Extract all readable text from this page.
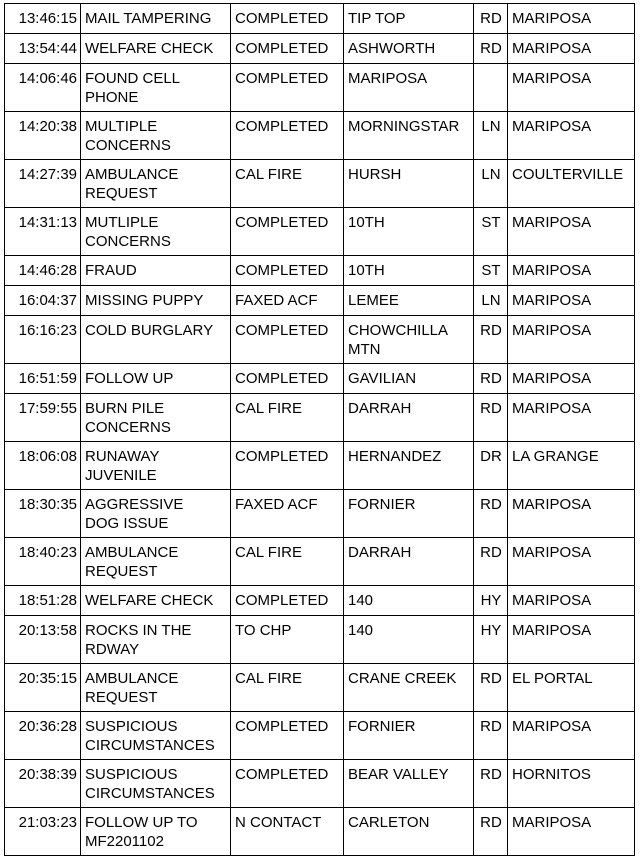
13:46:15	MAIL TAMPERING	COMPLETED	TIP TOP	RD	MARIPOSA
13:54:44	WELFARE CHECK	COMPLETED	ASHWORTH	RD	MARIPOSA
14:06:46	FOUND CELL
PHONE	COMPLETED	MARIPOSA		MARIPOSA
14:20:38	MULTIPLE
CONCERNS	COMPLETED	MORNINGSTAR	LN	MARIPOSA
14:27:39	AMBULANCE
REQUEST	CAL FIRE	HURSH	LN	COULTERVILLE
14:31:13	MUTLIPLE
CONCERNS	COMPLETED	10TH	ST	MARIPOSA
14:46:28	FRAUD	COMPLETED	10TH	ST	MARIPOSA
16:04:37	MISSING PUPPY	FAXED ACF	LEMEE	LN	MARIPOSA
16:16:23	COLD BURGLARY	COMPLETED	CHOWCHILLA
MTN	RD	MARIPOSA
16:51:59	FOLLOW UP	COMPLETED	GAVILIAN	RD	MARIPOSA
17:59:55	BURN PILE
CONCERNS	CAL FIRE	DARRAH	RD	MARIPOSA
18:06:08	RUNAWAY
JUVENILE	COMPLETED	HERNANDEZ	DR	LA GRANGE
18:30:35	AGGRESSIVE
DOG ISSUE	FAXED ACF	FORNIER	RD	MARIPOSA
18:40:23	AMBULANCE
REQUEST	CAL FIRE	DARRAH	RD	MARIPOSA
18:51:28	WELFARE CHECK	COMPLETED	140	HY	MARIPOSA
20:13:58	ROCKS IN THE
RDWAY	TO CHP	140	HY	MARIPOSA
20:35:15	AMBULANCE
REQUEST	CAL FIRE	CRANE CREEK	RD	EL PORTAL
20:36:28	SUSPICIOUS
CIRCUMSTANCES	COMPLETED	FORNIER	RD	MARIPOSA
20:38:39	SUSPICIOUS
CIRCUMSTANCES	COMPLETED	BEAR VALLEY	RD	HORNITOS
21:03:23	FOLLOW UP TO
MF2201102	N CONTACT	CARLETON	RD	MARIPOSA
